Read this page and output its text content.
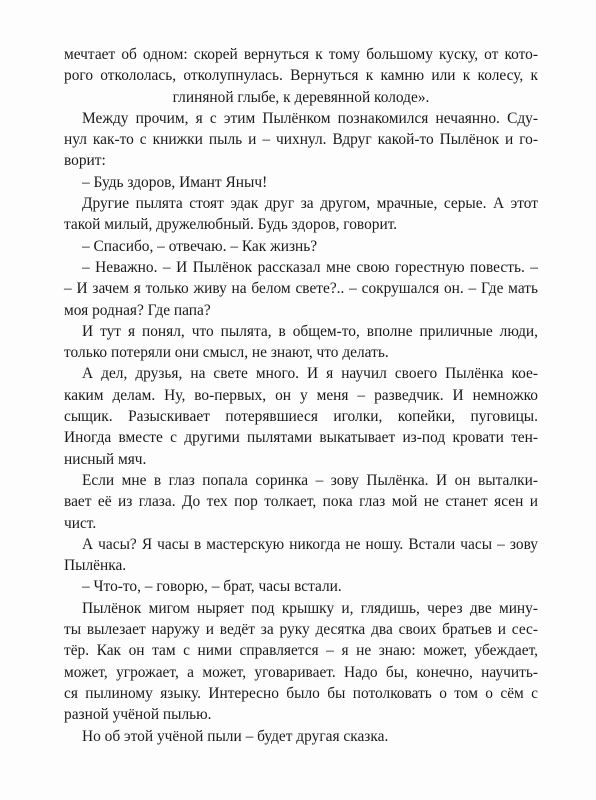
мечтает об одном: скорей вернуться к тому большому куску, от кото-
рого откололась, отколупнулась. Вернуться к камню или к колесу, к
глиняной глыбе, к деревянной колоде».
Между прочим, я с этим Пылёнком познакомился нечаянно. Сду-
нул как-то с книжки пыль и – чихнул. Вдруг какой-то Пылёнок и го-
ворит:
– Будь здоров, Имант Яныч!
Другие пылята стоят эдак друг за другом, мрачные, серые. А этот
такой милый, дружелюбный. Будь здоров, говорит.
– Спасибо, – отвечаю. – Как жизнь?
– Неважно. – И Пылёнок рассказал мне свою горестную повесть. –
– И зачем я только живу на белом свете?.. – сокрушался он. – Где мать
моя родная? Где папа?
И тут я понял, что пылята, в общем-то, вполне приличные люди,
только потеряли они смысл, не знают, что делать.
А дел, друзья, на свете много. И я научил своего Пылёнка кое-
каким делам. Ну, во-первых, он у меня – разведчик. И немножко
сыщик. Разыскивает потерявшиеся иголки, копейки, пуговицы.
Иногда вместе с другими пылятами выкатывает из-под кровати тен-
нисный мяч.
Если мне в глаз попала соринка – зову Пылёнка. И он выталки-
вает её из глаза. До тех пор толкает, пока глаз мой не станет ясен и
чист.
А часы? Я часы в мастерскую никогда не ношу. Встали часы – зову
Пылёнка.
– Что-то, – говорю, – брат, часы встали.
Пылёнок мигом ныряет под крышку и, глядишь, через две мину-
ты вылезает наружу и ведёт за руку десятка два своих братьев и сес-
тёр. Как он там с ними справляется – я не знаю: может, убеждает,
может, угрожает, а может, уговаривает. Надо бы, конечно, научить-
ся пылиному языку. Интересно было бы потолковать о том о сём с
разной учёной пылью.
Но об этой учёной пыли – будет другая сказка.
